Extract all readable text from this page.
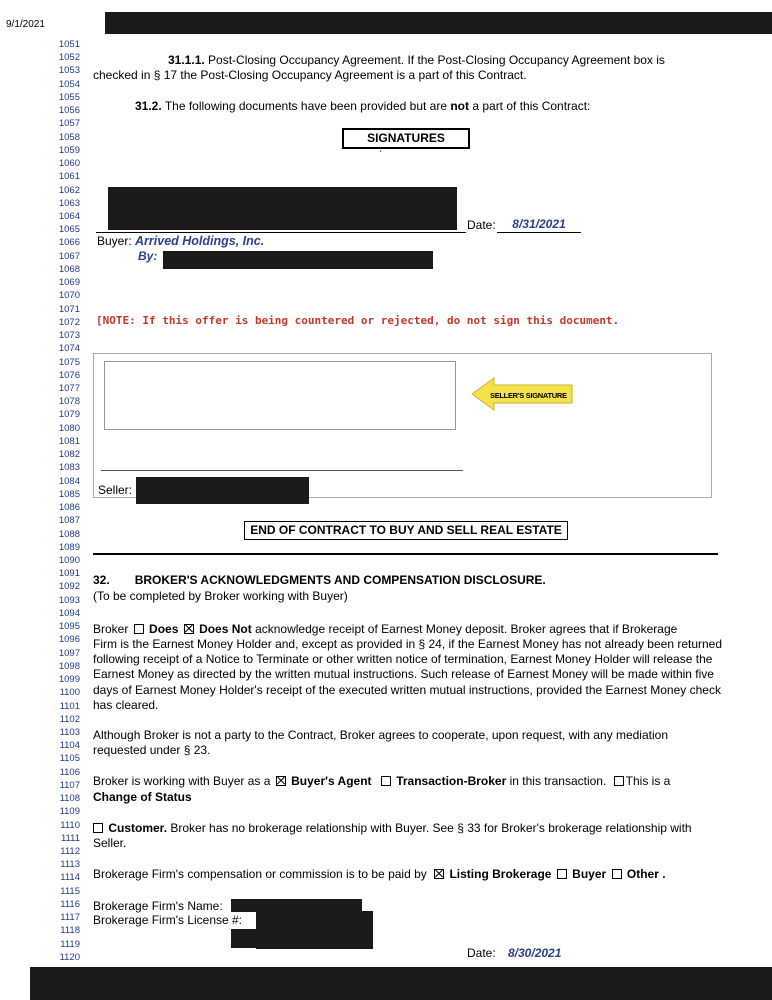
9/1/2021
1051
1052
1053
1054
1055
1056
1057
1058
1059
1060
1061
1062
1063
1064
1065
1066
1067
1068
1069
1070
1071
1072
1073
1074
1075
1076
1077
1078
1079
1080
1081
1082
1083
1084
1085
1086
1087
1088
1089
1090
1091
1092
1093
1094
1095
1096
1097
1098
1099
1100
1101
1102
1103
1104
1105
1106
1107
1108
1109
1110
1111
1112
1113
1114
1115
1116
1117
1118
1119
1120
31.1.1. Post-Closing Occupancy Agreement. If the Post-Closing Occupancy Agreement box is
checked in § 17 the Post-Closing Occupancy Agreement is a part of this Contract.
31.2. The following documents have been provided but are not a part of this Contract:
SIGNATURES
ˊ
Date:	8/31/2021
Buyer: Arrived Holdings, Inc.
By:
[NOTE: If this offer is being countered or rejected, do not sign this document.
SELLER'S SIGNATURE
Seller:
END OF CONTRACT TO BUY AND SELL REAL ESTATE
32. BROKER'S ACKNOWLEDGMENTS AND COMPENSATION DISCLOSURE.
(To be completed by Broker working with Buyer)
Broker Does Does Not acknowledge receipt of Earnest Money deposit. Broker agrees that if Brokerage
Firm is the Earnest Money Holder and, except as provided in § 24, if the Earnest Money has not already been returned following receipt of a Notice to Terminate or other written notice of termination, Earnest Money Holder will release the Earnest Money as directed by the written mutual instructions. Such release of Earnest Money will be made within five days of Earnest Money Holder's receipt of the executed written mutual instructions, provided the Earnest Money check has cleared.
Although Broker is not a party to the Contract, Broker agrees to cooperate, upon request, with any mediation requested under § 23.
Broker is working with Buyer as a Buyer's Agent Transaction-Broker in this transaction. This is a
Change of Status
Customer. Broker has no brokerage relationship with Buyer. See § 33 for Broker's brokerage relationship with Seller.
Brokerage Firm's compensation or commission is to be paid by Listing Brokerage Buyer Other .
Brokerage Firm's Name:
Brokerage Firm's License #:
Date: 8/30/2021
